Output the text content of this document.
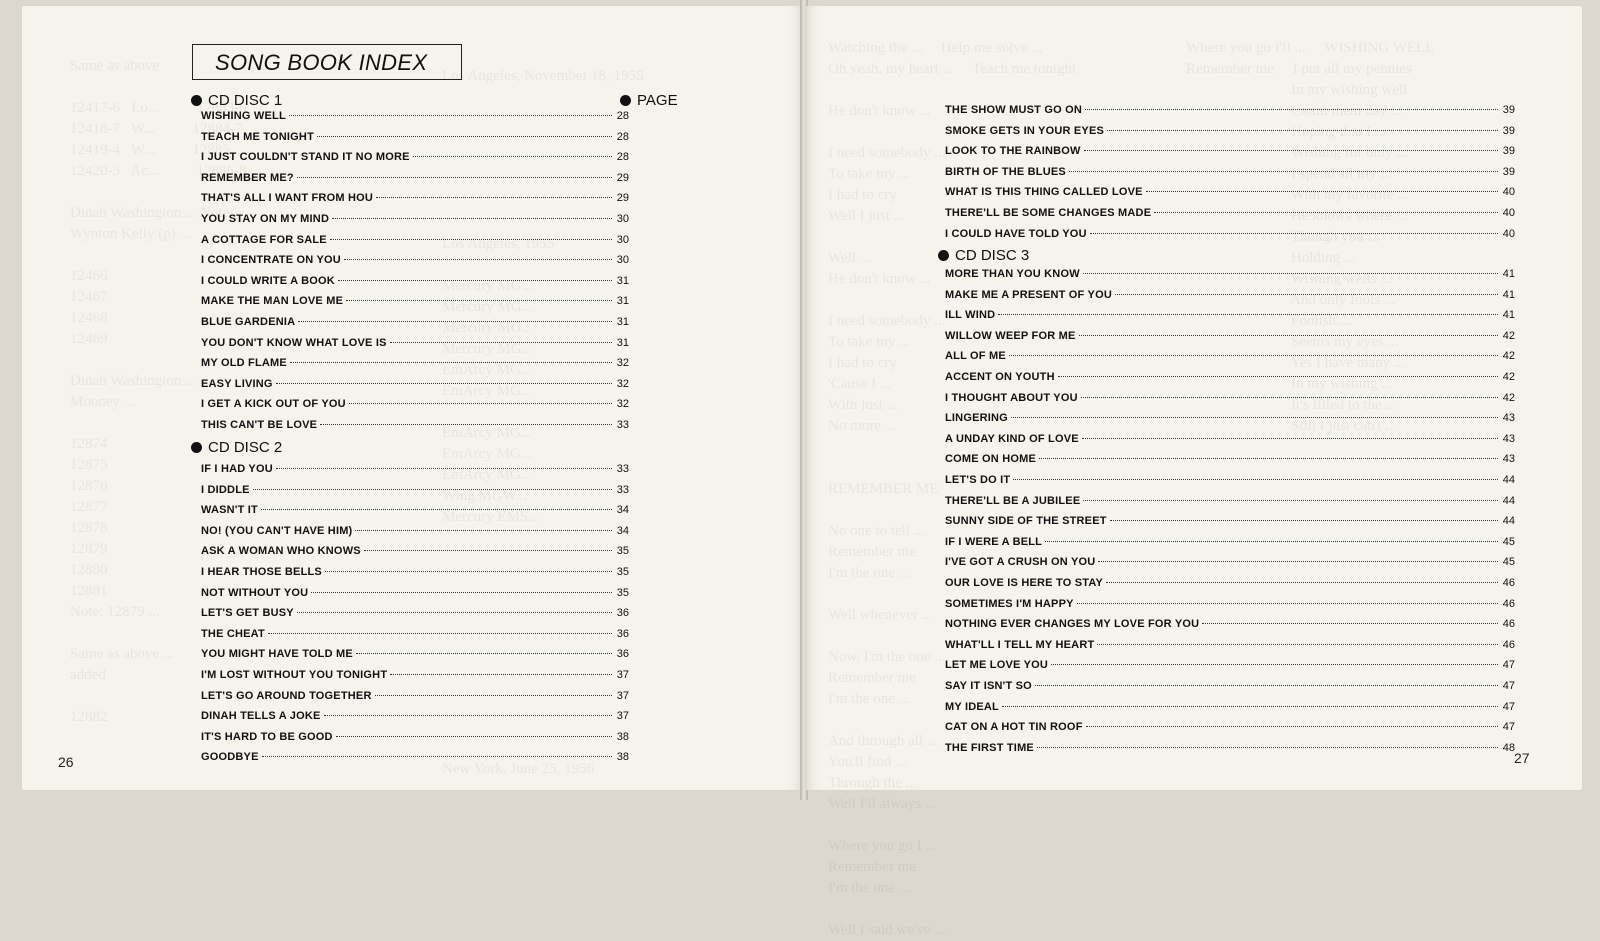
Same as above

12417-6   Lo...          12883-6
12418-7   W...          12884-7
12419-4   W...          12885
12420-3   Ac...          12886-8

Dinah Washington ... Notes
Wynton Kelly (p) ...

12466
12467
12468
12469

Dinah Washington ...
Mooney ...

12874
12875
12876
12877
12878
12879
12880
12881
Note: 12879 ...

Same as above ...
added

12882
Los Angeles, November 18, 1955

Los Angeles, 1955

Mercury MG...
Mercury MG...
Mercury MG...
Mercury MG...
EmArcy MG...
EmArcy MG...

EmArcy MG...
EmArcy MG...
EmArcy MG...
Wing MGW...
Mercury EMS...

New York, June 25, 1956
SONG BOOK INDEX
CD DISC 1	PAGE
WISHING WELL	28
TEACH ME TONIGHT	28
I JUST COULDN'T STAND IT NO MORE	28
REMEMBER ME?	29
THAT'S ALL I WANT FROM HOU	29
YOU STAY ON MY MIND	30
A COTTAGE FOR SALE	30
I CONCENTRATE ON YOU	30
I COULD WRITE A BOOK	31
MAKE THE MAN LOVE ME	31
BLUE GARDENIA	31
YOU DON'T KNOW WHAT LOVE IS	31
MY OLD FLAME	32
EASY LIVING	32
I GET A KICK OUT OF YOU	32
THIS CAN'T BE LOVE	33
CD DISC 2
IF I HAD YOU	33
I DIDDLE	33
WASN'T IT	34
NO! (YOU CAN'T HAVE HIM)	34
ASK A WOMAN WHO KNOWS	35
I HEAR THOSE BELLS	35
NOT WITHOUT YOU	35
LET'S GET BUSY	36
THE CHEAT	36
YOU MIGHT HAVE TOLD ME	36
I'M LOST WITHOUT YOU TONIGHT	37
LET'S GO AROUND TOGETHER	37
DINAH TELLS A JOKE	37
IT'S HARD TO BE GOOD	38
GOODBYE	38
26
Watching the ...     Help me solve ...
Oh yeah, my heart ...     Teach me tonight

He don't know ...

I need somebody ...
To take my ...
I had to cry
Well I just ...

Well ...
He don't know ...

I need somebody ...
To take my ...
I had to cry
'Cause I ...
With just ...
No more ...

REMEMBER ME

No one to tell ...
Remember me
I'm the one ...

Well whenever ...

Now, I'm the one ...
Remember me
I'm the one ...

And through all ...
You'll find ...
Through the ...
Well I'll always ...

Where you go I ...
Remember me
I'm the one ...

Well I said we've ...
Where you go I'll ...     WISHING WELL
Remember me     I put all my pennies
In my wishing well
Count them day ...
Hoping that I ...
Wishing for only ...
I spend all my ...
With my favorite ...
He knows where ...
Though you ...
Holding ...
Wishing wells ...
And only fools ...
Foolish ...
Seems my eyes ...
Yes I have many ...
In my wishing ...
It's filled to the ...
Still I just can't ...
THE SHOW MUST GO ON	39
SMOKE GETS IN YOUR EYES	39
LOOK TO THE RAINBOW	39
BIRTH OF THE BLUES	39
WHAT IS THIS THING CALLED LOVE	40
THERE'LL BE SOME CHANGES MADE	40
I COULD HAVE TOLD YOU	40
CD DISC 3
MORE THAN YOU KNOW	41
MAKE ME A PRESENT OF YOU	41
ILL WIND	41
WILLOW WEEP FOR ME	42
ALL OF ME	42
ACCENT ON YOUTH	42
I THOUGHT ABOUT YOU	42
LINGERING	43
A UNDAY KIND OF LOVE	43
COME ON HOME	43
LET'S DO IT	44
THERE'LL BE A JUBILEE	44
SUNNY SIDE OF THE STREET	44
IF I WERE A BELL	45
I'VE GOT A CRUSH ON YOU	45
OUR LOVE IS HERE TO STAY	46
SOMETIMES I'M HAPPY	46
NOTHING EVER CHANGES MY LOVE FOR YOU	46
WHAT'LL I TELL MY HEART	46
LET ME LOVE YOU	47
SAY IT ISN'T SO	47
MY IDEAL	47
CAT ON A HOT TIN ROOF	47
THE FIRST TIME	48
27
